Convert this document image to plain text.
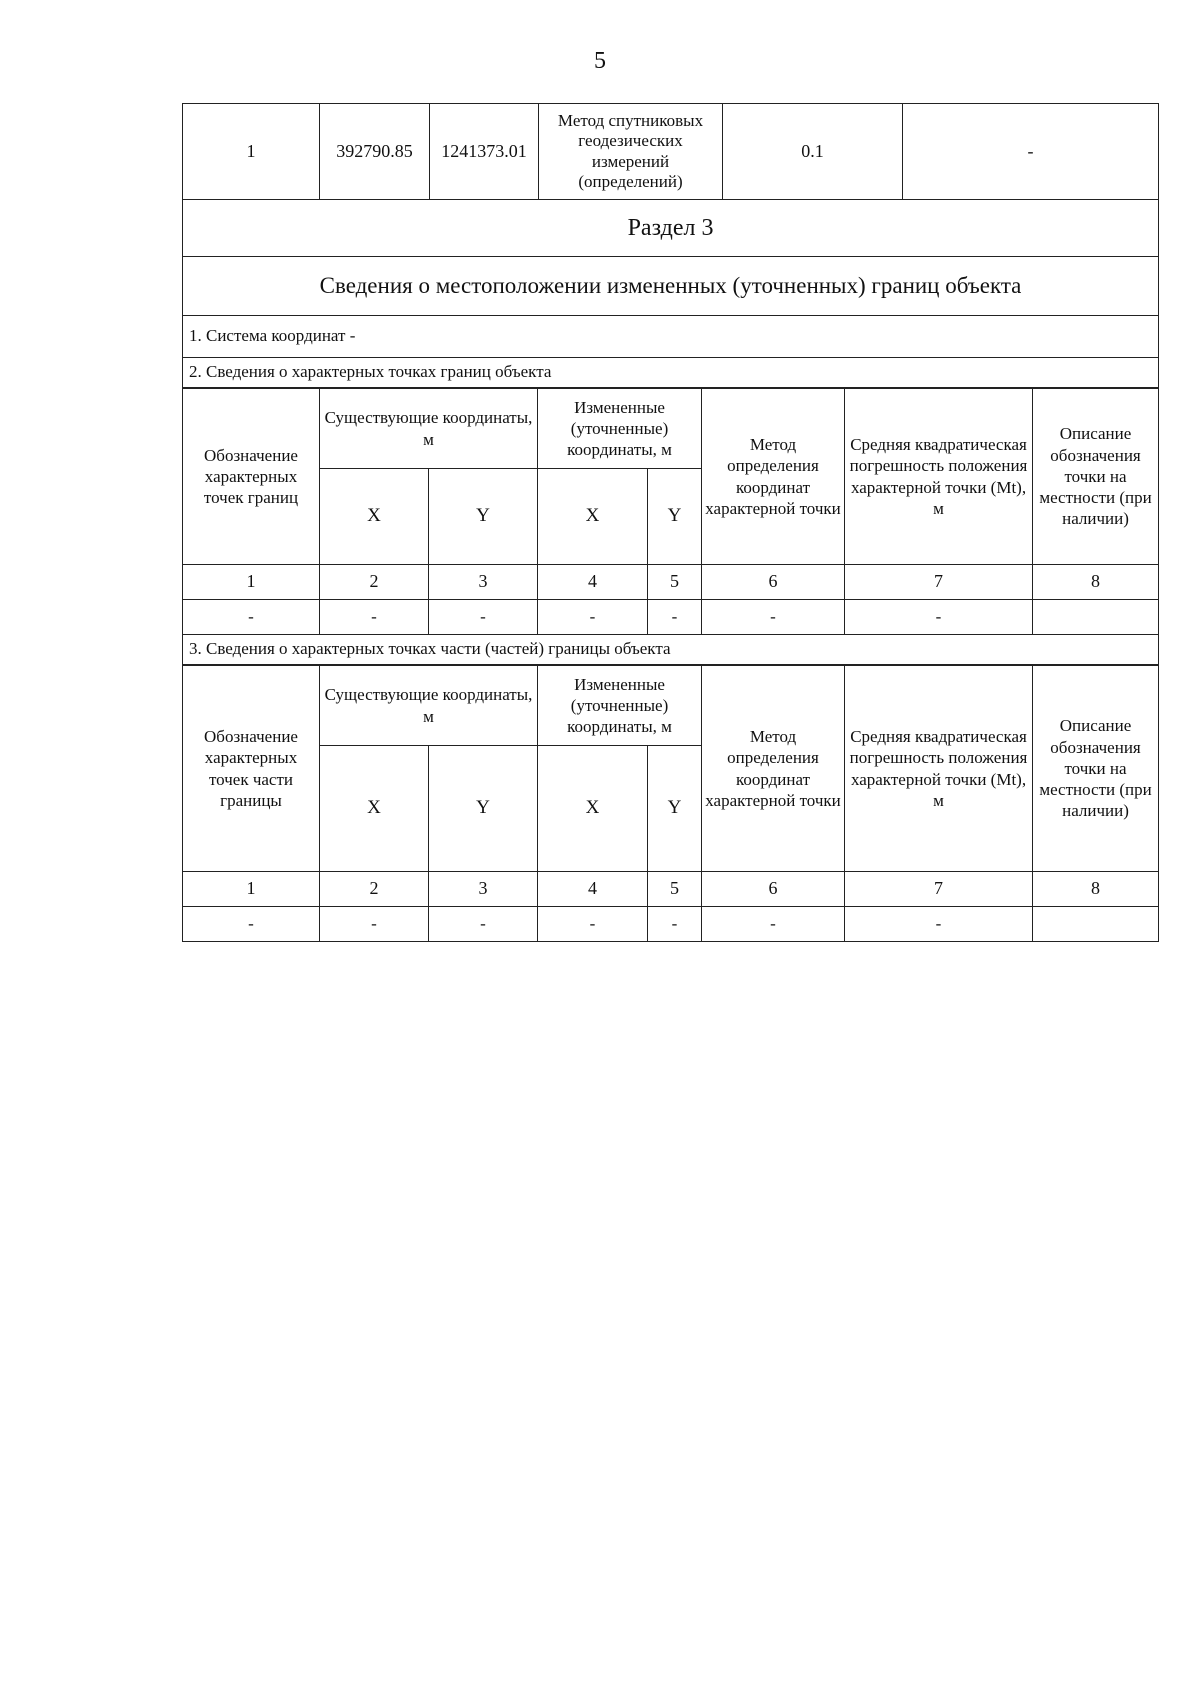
5
1	392790.85	1241373.01	Метод спутниковых геодезических измерений (определений)	0.1	-
Раздел 3
Сведения о местоположении измененных (уточненных) границ объекта
1. Система координат -
2. Сведения о характерных точках границ объекта
Обозначение характерных точек границ	Существующие координаты, м		Измененные (уточненные) координаты, м		Метод определения координат характерной точки	Средняя квадратическая погрешность положения характерной точки (Mt), м	Описание обозначения точки на местности (при наличии)
	X	Y	X	Y			
1	2	3	4	5	6	7	8
-	-	-	-	-	-	-	
3. Сведения о характерных точках части (частей) границы объекта							
Обозначение характерных точек части границы	Существующие координаты, м		Измененные (уточненные) координаты, м		Метод определения координат характерной точки	Средняя квадратическая погрешность положения характерной точки (Mt), м	Описание обозначения точки на местности (при наличии)
	X	Y	X	Y			
1	2	3	4	5	6	7	8
-	-	-	-	-	-	-	
